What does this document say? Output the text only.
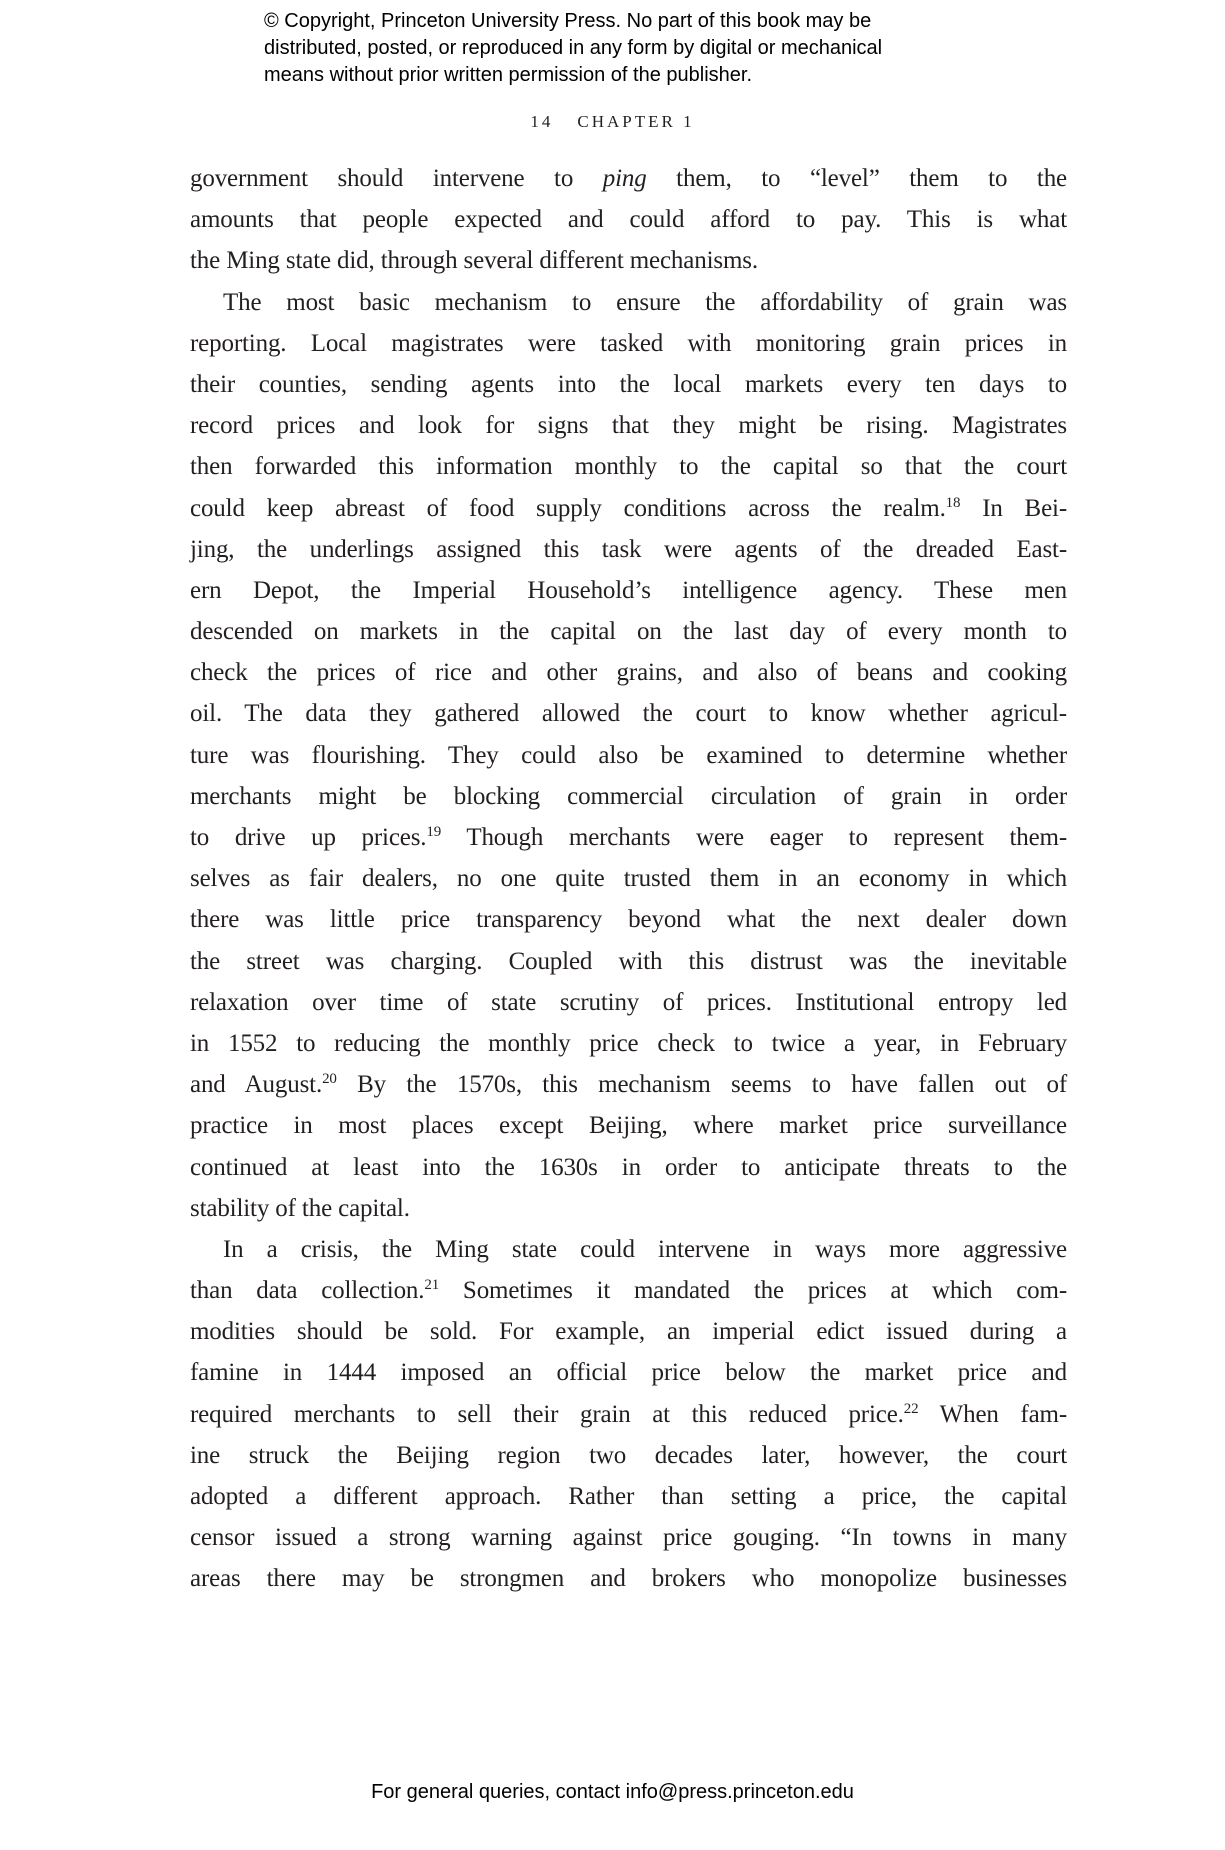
© Copyright, Princeton University Press. No part of this book may be
distributed, posted, or reproduced in any form by digital or mechanical
means without prior written permission of the publisher.
14 CHAPTER 1
government should intervene to ping them, to “level” them to the
amounts that people expected and could afford to pay. This is what
the Ming state did, through several different mechanisms.
The most basic mechanism to ensure the affordability of grain was
reporting. Local magistrates were tasked with monitoring grain prices in
their counties, sending agents into the local markets every ten days to
record prices and look for signs that they might be rising. Magistrates
then forwarded this information monthly to the capital so that the court
could keep abreast of food supply conditions across the realm.$^{18}$ In Bei-
jing, the underlings assigned this task were agents of the dreaded East-
ern Depot, the Imperial Household’s intelligence agency. These men
descended on markets in the capital on the last day of every month to
check the prices of rice and other grains, and also of beans and cooking
oil. The data they gathered allowed the court to know whether agricul-
ture was flourishing. They could also be examined to determine whether
merchants might be blocking commercial circulation of grain in order
to drive up prices.$^{19}$ Though merchants were eager to represent them-
selves as fair dealers, no one quite trusted them in an economy in which
there was little price transparency beyond what the next dealer down
the street was charging. Coupled with this distrust was the inevitable
relaxation over time of state scrutiny of prices. Institutional entropy led
in 1552 to reducing the monthly price check to twice a year, in February
and August.$^{20}$ By the 1570s, this mechanism seems to have fallen out of
practice in most places except Beijing, where market price surveillance
continued at least into the 1630s in order to anticipate threats to the
stability of the capital.
In a crisis, the Ming state could intervene in ways more aggressive
than data collection.$^{21}$ Sometimes it mandated the prices at which com-
modities should be sold. For example, an imperial edict issued during a
famine in 1444 imposed an official price below the market price and
required merchants to sell their grain at this reduced price.$^{22}$ When fam-
ine struck the Beijing region two decades later, however, the court
adopted a different approach. Rather than setting a price, the capital
censor issued a strong warning against price gouging. “In towns in many
areas there may be strongmen and brokers who monopolize businesses
For general queries, contact info@press.princeton.edu
